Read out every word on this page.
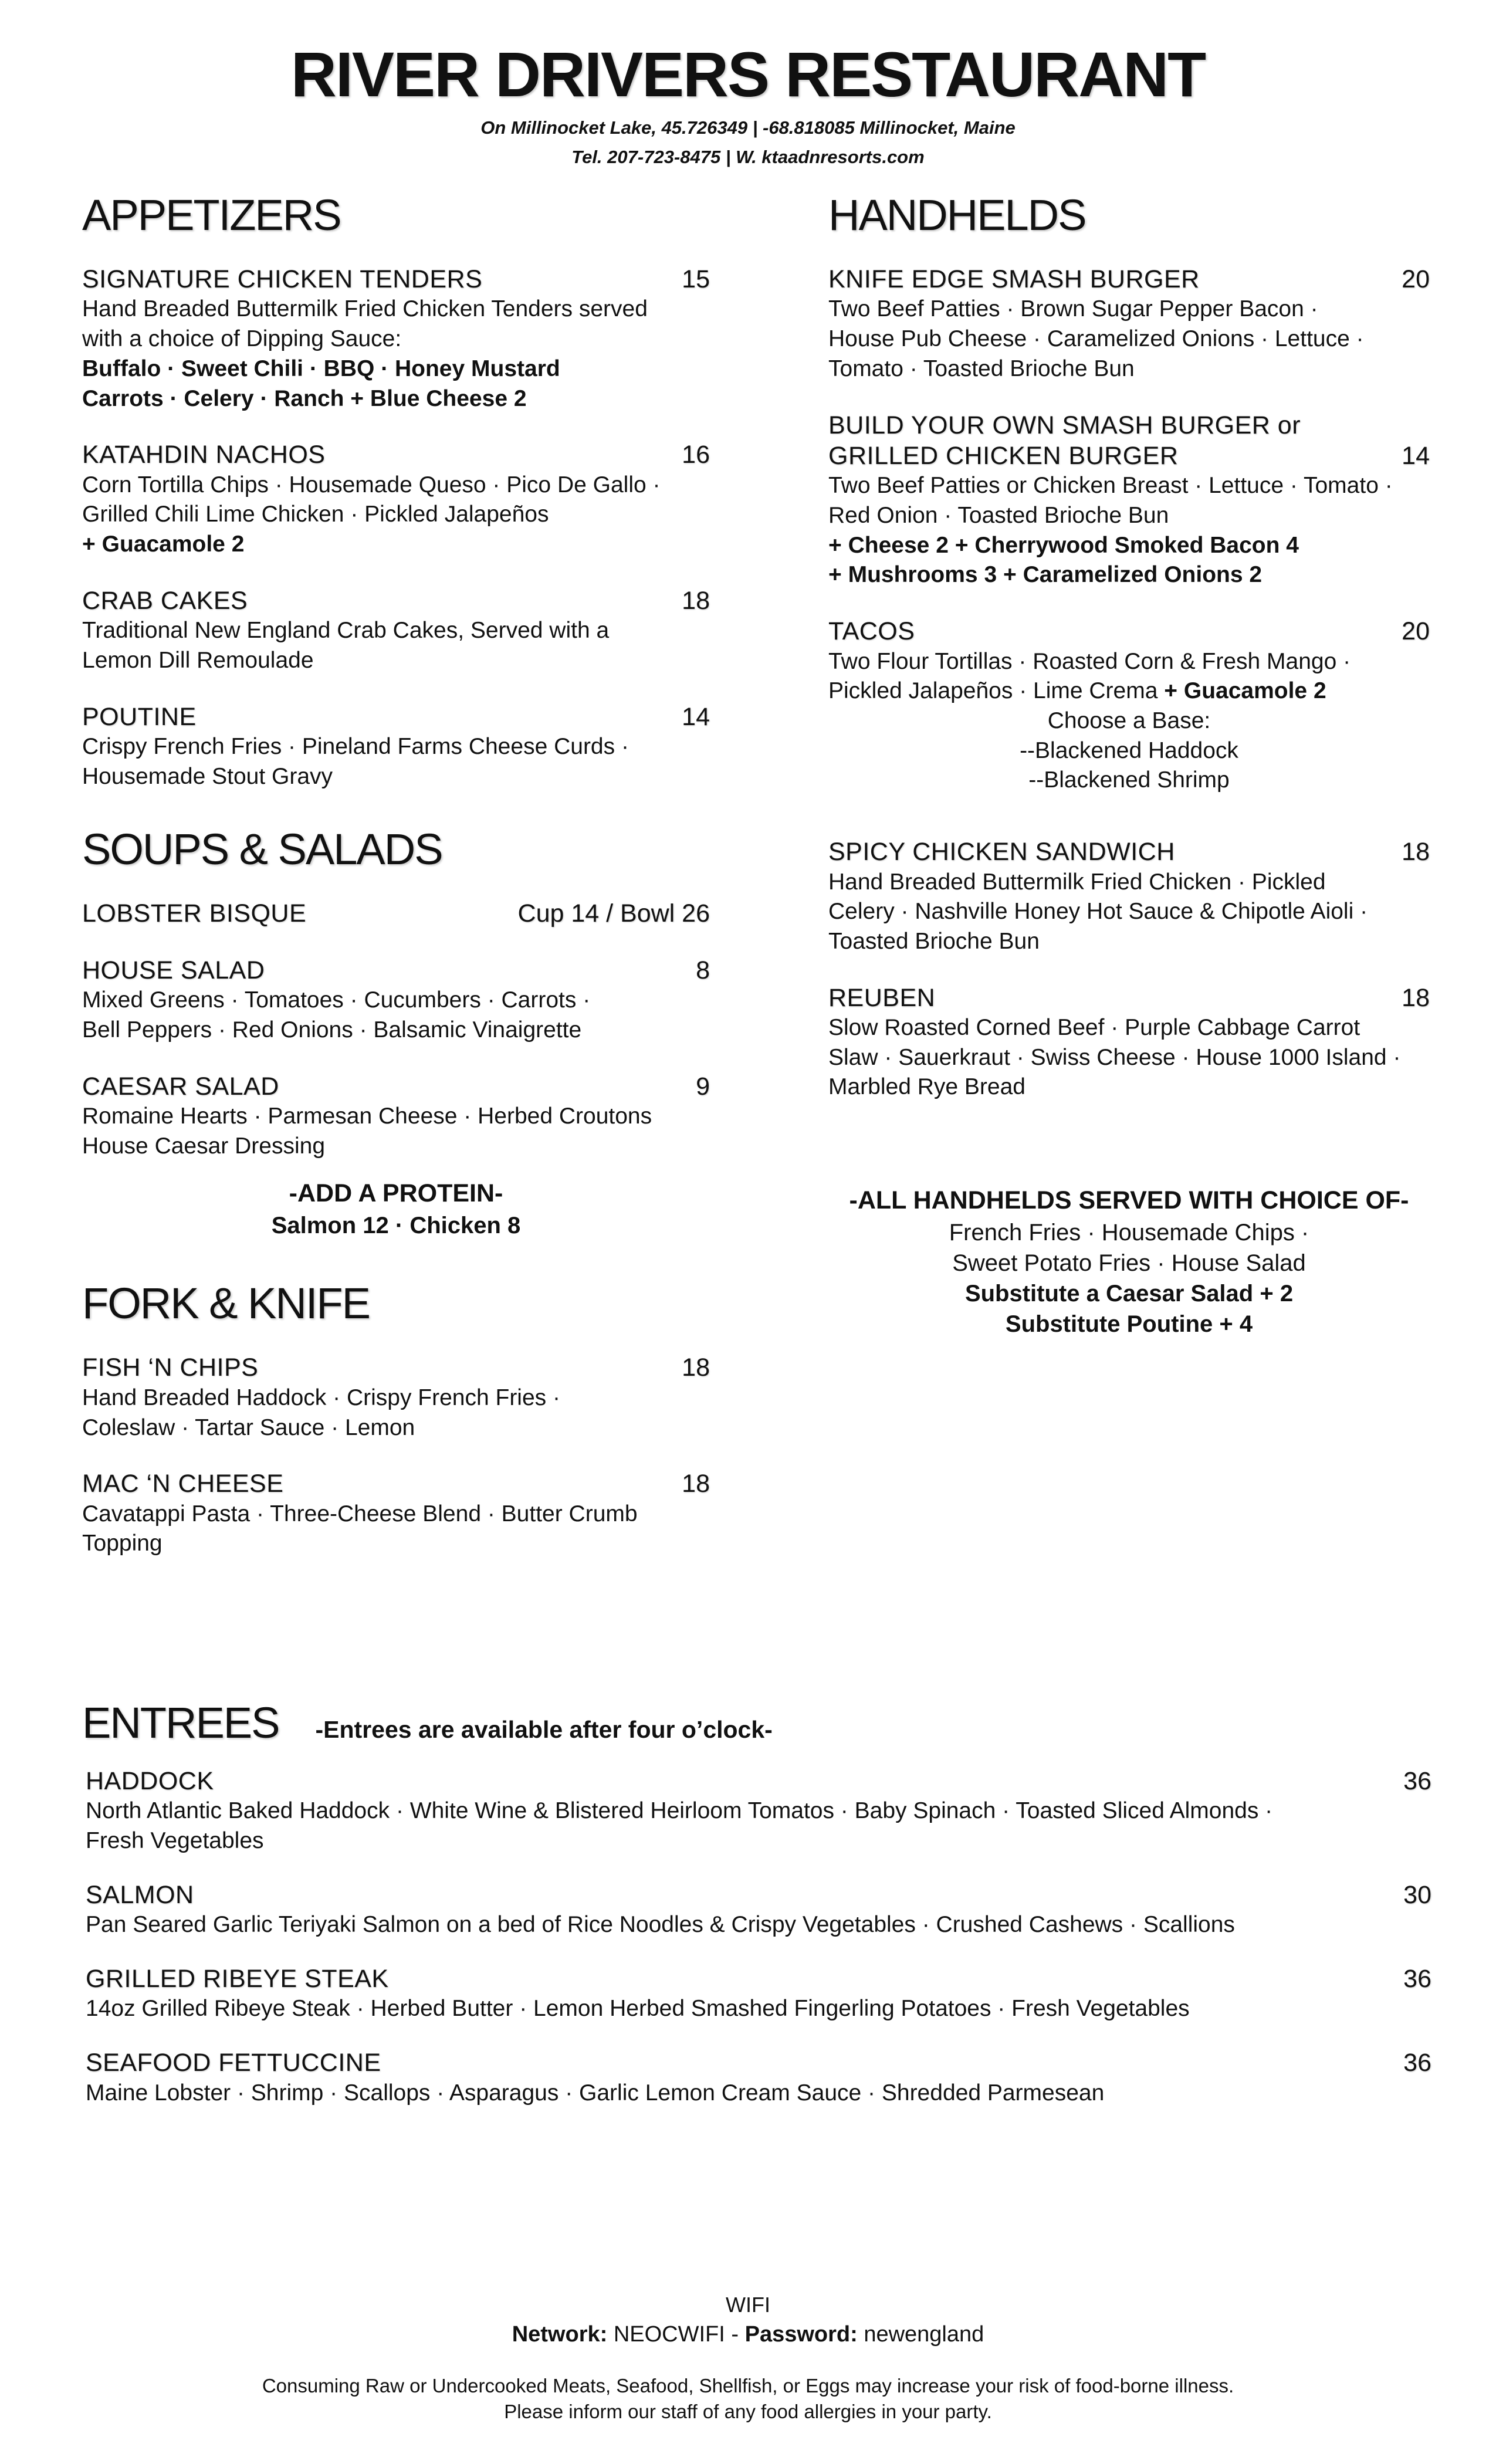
RIVER DRIVERS RESTAURANT
On Millinocket Lake, 45.726349 | -68.818085 Millinocket, Maine
Tel. 207-723-8475 | W. ktaadnresorts.com
APPETIZERS
SIGNATURE CHICKEN TENDERS	15
Hand Breaded Buttermilk Fried Chicken Tenders served
with a choice of Dipping Sauce:
Buffalo · Sweet Chili · BBQ · Honey Mustard
Carrots · Celery · Ranch + Blue Cheese 2
KATAHDIN NACHOS	16
Corn Tortilla Chips · Housemade Queso · Pico De Gallo ·
Grilled Chili Lime Chicken · Pickled Jalapeños
+ Guacamole 2
CRAB CAKES	18
Traditional New England Crab Cakes, Served with a
Lemon Dill Remoulade
POUTINE	14
Crispy French Fries · Pineland Farms Cheese Curds ·
Housemade Stout Gravy
SOUPS & SALADS
LOBSTER BISQUE	Cup 14 / Bowl 26
HOUSE SALAD	8
Mixed Greens · Tomatoes · Cucumbers · Carrots ·
Bell Peppers · Red Onions · Balsamic Vinaigrette
CAESAR SALAD	9
Romaine Hearts · Parmesan Cheese · Herbed Croutons
House Caesar Dressing
-ADD A PROTEIN-
Salmon 12 · Chicken 8
FORK & KNIFE
FISH ‘N CHIPS	18
Hand Breaded Haddock · Crispy French Fries ·
Coleslaw · Tartar Sauce · Lemon
MAC ‘N CHEESE	18
Cavatappi Pasta · Three-Cheese Blend · Butter Crumb
Topping
HANDHELDS
KNIFE EDGE SMASH BURGER	20
Two Beef Patties · Brown Sugar Pepper Bacon ·
House Pub Cheese · Caramelized Onions · Lettuce ·
Tomato · Toasted Brioche Bun
BUILD YOUR OWN SMASH BURGER or
GRILLED CHICKEN BURGER	14
Two Beef Patties or Chicken Breast · Lettuce · Tomato ·
Red Onion · Toasted Brioche Bun
+ Cheese 2 + Cherrywood Smoked Bacon 4
+ Mushrooms 3 + Caramelized Onions 2
TACOS	20
Two Flour Tortillas · Roasted Corn & Fresh Mango ·
Pickled Jalapeños · Lime Crema + Guacamole 2
Choose a Base:
--Blackened Haddock
--Blackened Shrimp
SPICY CHICKEN SANDWICH	18
Hand Breaded Buttermilk Fried Chicken · Pickled
Celery · Nashville Honey Hot Sauce & Chipotle Aioli ·
Toasted Brioche Bun
REUBEN	18
Slow Roasted Corned Beef · Purple Cabbage Carrot
Slaw · Sauerkraut · Swiss Cheese · House 1000 Island ·
Marbled Rye Bread
-ALL HANDHELDS SERVED WITH CHOICE OF-
French Fries · Housemade Chips ·
Sweet Potato Fries · House Salad
Substitute a Caesar Salad + 2
Substitute Poutine + 4
ENTREES -Entrees are available after four o’clock-
HADDOCK	36
North Atlantic Baked Haddock · White Wine & Blistered Heirloom Tomatos · Baby Spinach · Toasted Sliced Almonds ·
Fresh Vegetables
SALMON	30
Pan Seared Garlic Teriyaki Salmon on a bed of Rice Noodles & Crispy Vegetables · Crushed Cashews · Scallions
GRILLED RIBEYE STEAK	36
14oz Grilled Ribeye Steak · Herbed Butter · Lemon Herbed Smashed Fingerling Potatoes · Fresh Vegetables
SEAFOOD FETTUCCINE	36
Maine Lobster · Shrimp · Scallops · Asparagus · Garlic Lemon Cream Sauce · Shredded Parmesean
WIFI
Network: NEOCWIFI - Password: newengland
Consuming Raw or Undercooked Meats, Seafood, Shellfish, or Eggs may increase your risk of food-borne illness.
Please inform our staff of any food allergies in your party.
